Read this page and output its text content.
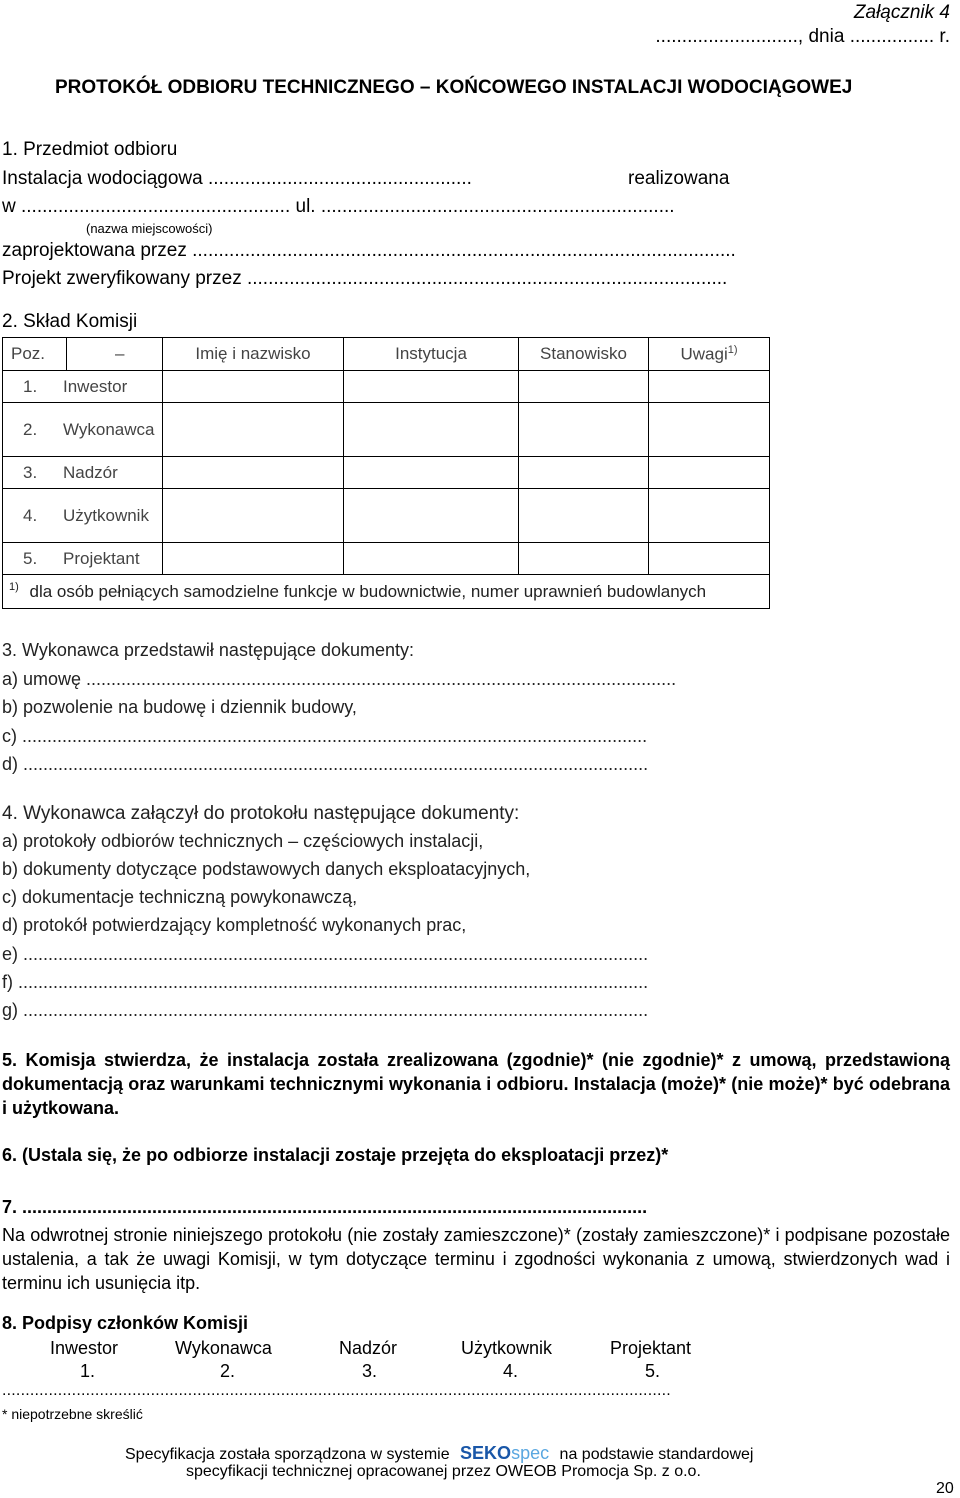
Załącznik 4
..........................., dnia ................ r.
PROTOKÓŁ ODBIORU TECHNICZNEGO – KOŃCOWEGO INSTALACJI WODOCIĄGOWEJ
1. Przedmiot odbioru
Instalacja wodociągowa ..................................................	realizowana
w ................................................... ul. ...................................................................
(nazwa miejscowości)
zaprojektowana przez .......................................................................................................
Projekt zweryfikowany przez ...........................................................................................
2. Skład Komisji
Poz.	–	Imię i nazwisko	Instytucja	Stanowisko	Uwagi$^{1)}$
1. Inwestor					

2. Wykonawca					

3. Nadzór					

4. Użytkownik					

5. Projektant					
$^{1)}$ dla osób pełniących samodzielne funkcje w budownictwie, numer uprawnień budowlanych					
3. Wykonawca przedstawił następujące dokumenty:
a) umowę ......................................................................................................................
b) pozwolenie na budowę i dziennik budowy,
c) .............................................................................................................................
d) .............................................................................................................................
4. Wykonawca załączył do protokołu następujące dokumenty:
a) protokoły odbiorów technicznych – częściowych instalacji,
b) dokumenty dotyczące podstawowych danych eksploatacyjnych,
c) dokumentacje techniczną powykonawczą,
d) protokół potwierdzający kompletność wykonanych prac,
e) .............................................................................................................................
f) ..............................................................................................................................
g) .............................................................................................................................
5. Komisja stwierdza, że instalacja została zrealizowana (zgodnie)* (nie zgodnie)* z umową, przedstawioną dokumentacją oraz warunkami technicznymi wykonania i odbioru. Instalacja (może)* (nie może)* być odebrana i użytkowana.
6. (Ustala się, że po odbiorze instalacji zostaje przejęta do eksploatacji przez)*
7. .............................................................................................................................
Na odwrotnej stronie niniejszego protokołu (nie zostały zamieszczone)* (zostały zamieszczone)* i podpisane pozostałe ustalenia, a tak że uwagi Komisji, w tym dotyczące terminu i zgodności wykonania z umową, stwierdzonych wad i terminu ich usunięcia itp.
8. Podpisy członków Komisji
Inwestor	Wykonawca	Nadzór	Użytkownik	Projektant
1.	2.	3.	4.	5.
................................................................................................................................................
* niepotrzebne skreślić
Specyfikacja została sporządzona w systemie SEKOspec na podstawie standardowej
specyfikacji technicznej opracowanej przez OWEOB Promocja Sp. z o.o.
20
